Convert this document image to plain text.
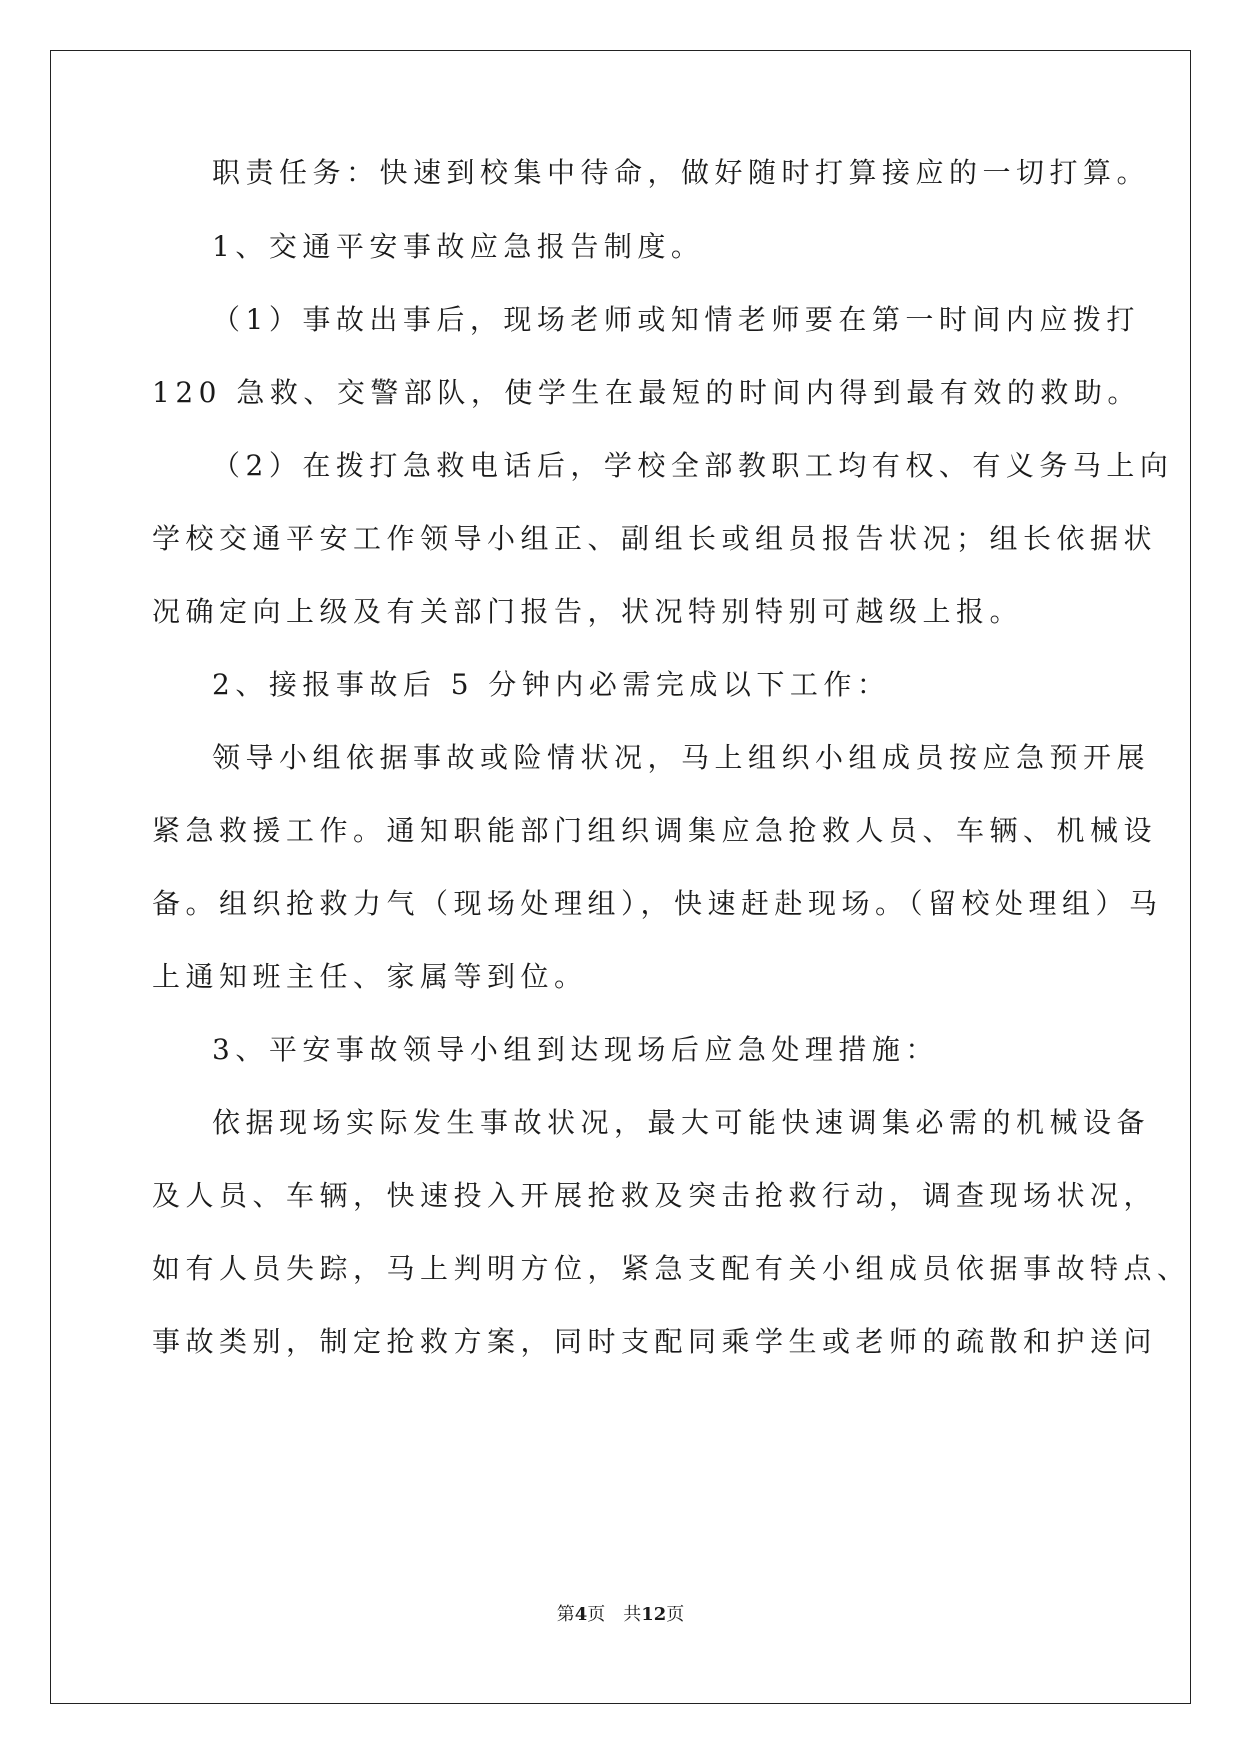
职责任务：快速到校集中待命，做好随时打算接应的一切打算。
1、交通平安事故应急报告制度。
（1）事故出事后，现场老师或知情老师要在第一时间内应拨打
120 急救、交警部队，使学生在最短的时间内得到最有效的救助。
（2）在拨打急救电话后，学校全部教职工均有权、有义务马上向
学校交通平安工作领导小组正、副组长或组员报告状况；组长依据状
况确定向上级及有关部门报告，状况特别特别可越级上报。
2、接报事故后 5 分钟内必需完成以下工作：
领导小组依据事故或险情状况，马上组织小组成员按应急预开展
紧急救援工作。通知职能部门组织调集应急抢救人员、车辆、机械设
备。组织抢救力气（现场处理组），快速赶赴现场。（留校处理组）马
上通知班主任、家属等到位。
3、平安事故领导小组到达现场后应急处理措施：
依据现场实际发生事故状况，最大可能快速调集必需的机械设备
及人员、车辆，快速投入开展抢救及突击抢救行动，调查现场状况，
如有人员失踪，马上判明方位，紧急支配有关小组成员依据事故特点、
事故类别，制定抢救方案，同时支配同乘学生或老师的疏散和护送问
第4页　共12页
